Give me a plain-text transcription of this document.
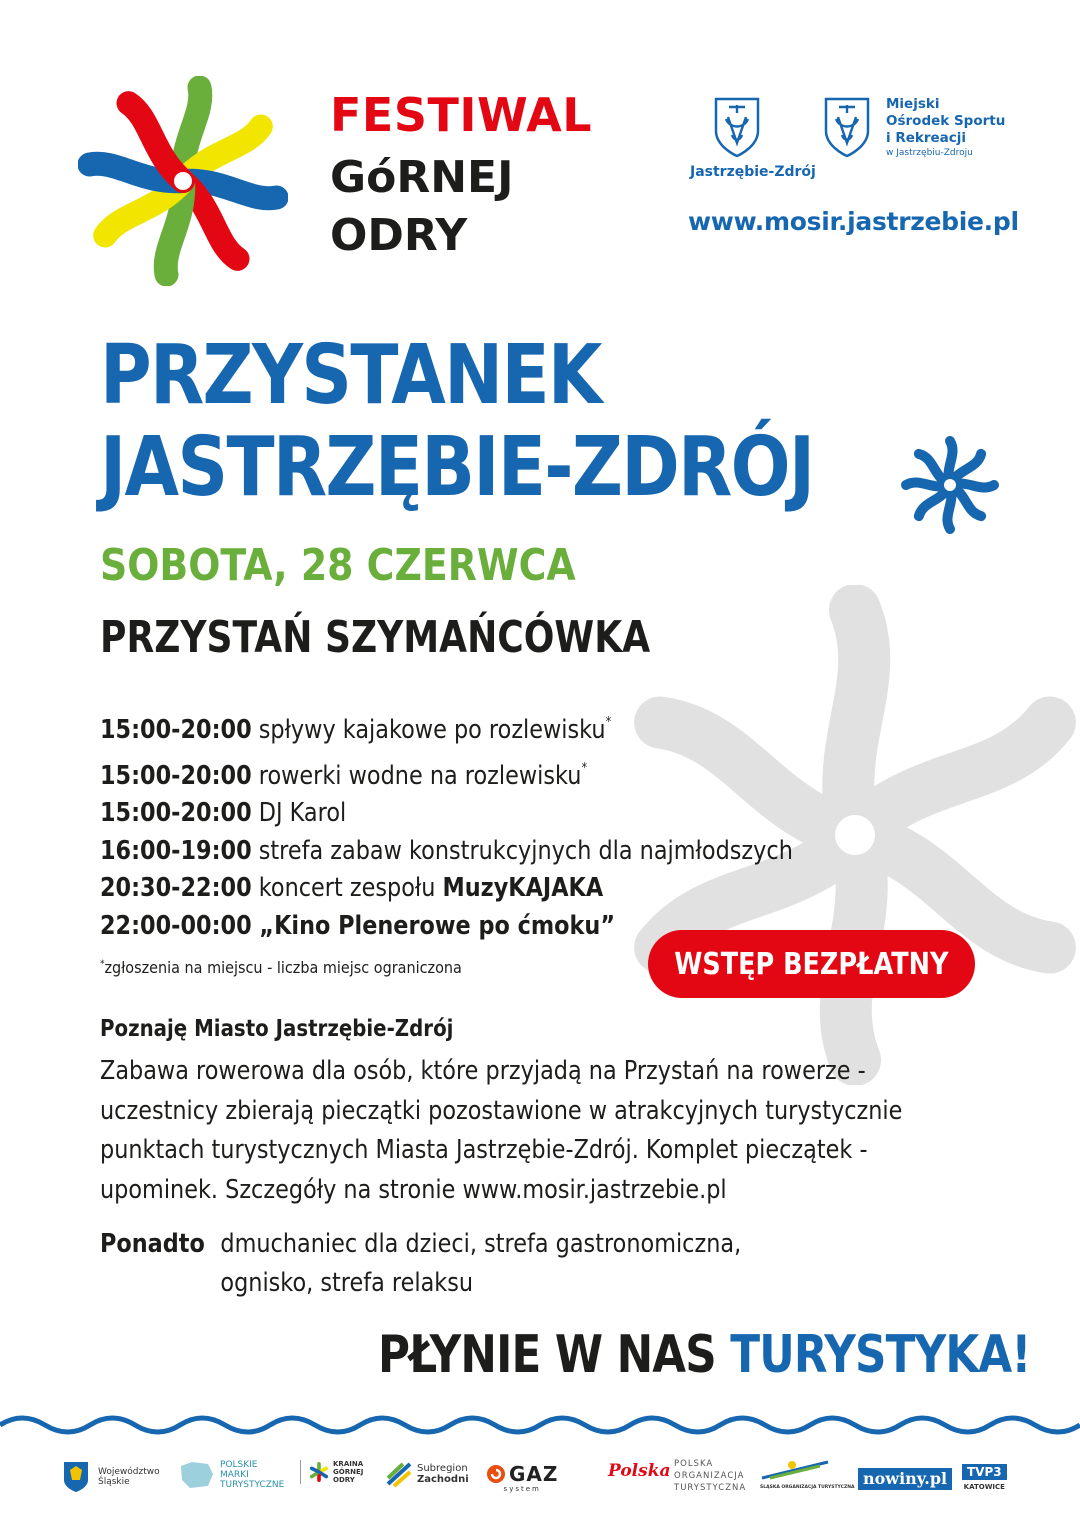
FESTIWAL
GóRNEJ
ODRY
Jastrzębie-Zdrój
Miejski
Ośrodek Sportu
i Rekreacji
w Jastrzębiu-Zdroju
www.mosir.jastrzebie.pl
PRZYSTANEK
JASTRZĘBIE-ZDRÓJ
SOBOTA, 28 CZERWCA
PRZYSTAŃ SZYMAŃCÓWKA
15:00-20:00 spływy kajakowe po rozlewisku*
15:00-20:00 rowerki wodne na rozlewisku*
15:00-20:00 DJ Karol
16:00-19:00 strefa zabaw konstrukcyjnych dla najmłodszych
20:30-22:00 koncert zespołu MuzyKAJAKA
22:00-00:00 „Kino Plenerowe po ćmoku”
*zgłoszenia na miejscu - liczba miejsc ograniczona	WSTĘP BEZPŁATNY
Poznaję Miasto Jastrzębie-Zdrój
Zabawa rowerowa dla osób, które przyjadą na Przystań na rowerze -
uczestnicy zbierają pieczątki pozostawione w atrakcyjnych turystycznie
punktach turystycznych Miasta Jastrzębie-Zdrój. Komplet pieczątek -
upominek. Szczegóły na stronie www.mosir.jastrzebie.pl
Ponadto dmuchaniec dla dzieci, strefa gastronomiczna,
ognisko, strefa relaksu
PŁYNIE W NAS TURYSTYKA!
Województwo
Śląskie
POLSKIE
MARKI
TURYSTYCZNE
KRAINA
GÓRNEJ
ODRY
Subregion
Zachodni GAZ
system
Polska POLSKA
ORGANIZACJA
TURYSTYCZNA	ŚLĄSKA ORGANIZACJA TURYSTYCZNA nowiny.pl	TVP3
KATOWICE
